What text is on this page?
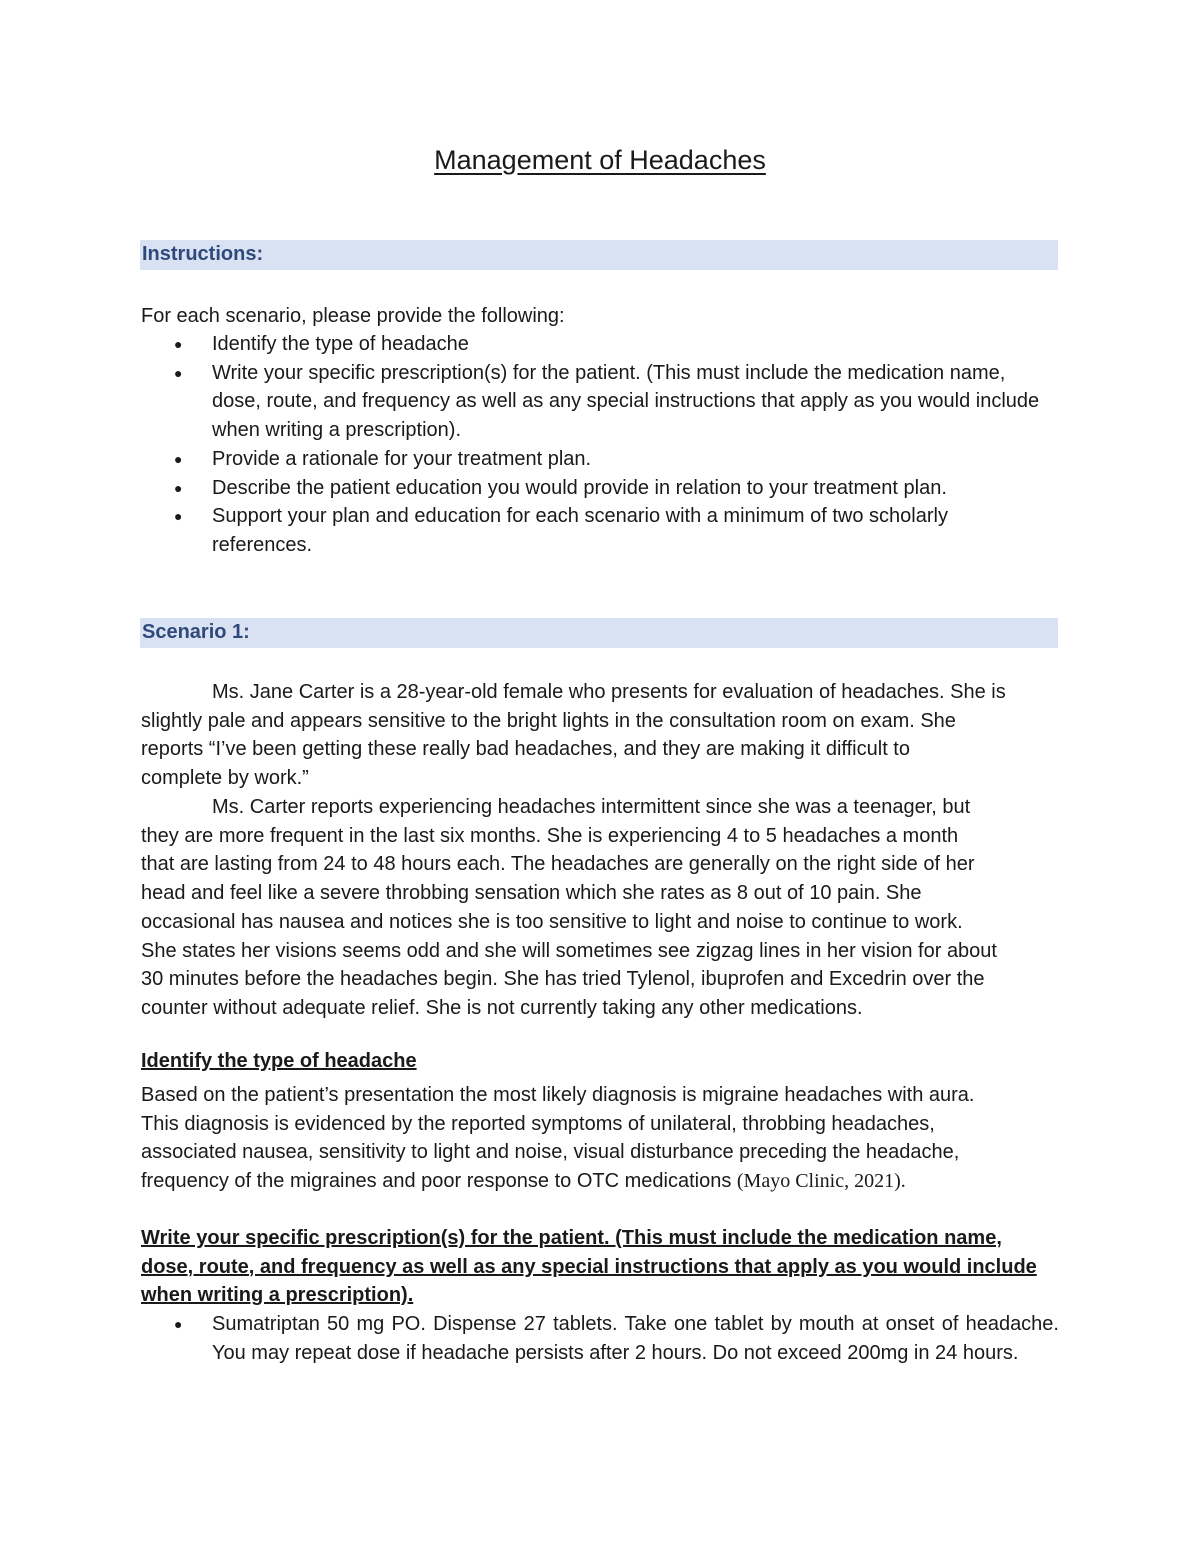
Management of Headaches
Instructions:
For each scenario, please provide the following:
● Identify the type of headache
● Write your specific prescription(s) for the patient. (This must include the medication name, dose, route, and frequency as well as any special instructions that apply as you would include when writing a prescription).
● Provide a rationale for your treatment plan.
● Describe the patient education you would provide in relation to your treatment plan.
● Support your plan and education for each scenario with a minimum of two scholarly references.
Scenario 1:
Ms. Jane Carter is a 28-year-old female who presents for evaluation of headaches. She is
slightly pale and appears sensitive to the bright lights in the consultation room on exam. She
reports “I’ve been getting these really bad headaches, and they are making it difficult to
complete by work.”
Ms. Carter reports experiencing headaches intermittent since she was a teenager, but
they are more frequent in the last six months. She is experiencing 4 to 5 headaches a month
that are lasting from 24 to 48 hours each. The headaches are generally on the right side of her
head and feel like a severe throbbing sensation which she rates as 8 out of 10 pain. She
occasional has nausea and notices she is too sensitive to light and noise to continue to work.
She states her visions seems odd and she will sometimes see zigzag lines in her vision for about
30 minutes before the headaches begin. She has tried Tylenol, ibuprofen and Excedrin over the
counter without adequate relief. She is not currently taking any other medications.
Identify the type of headache
Based on the patient’s presentation the most likely diagnosis is migraine headaches with aura.
This diagnosis is evidenced by the reported symptoms of unilateral, throbbing headaches,
associated nausea, sensitivity to light and noise, visual disturbance preceding the headache,
frequency of the migraines and poor response to OTC medications (Mayo Clinic, 2021).
Write your specific prescription(s) for the patient. (This must include the medication name,
dose, route, and frequency as well as any special instructions that apply as you would include
when writing a prescription).
● Sumatriptan 50 mg PO. Dispense 27 tablets. Take one tablet by mouth at onset of headache. You may repeat dose if headache persists after 2 hours. Do not exceed 200mg in 24 hours.
